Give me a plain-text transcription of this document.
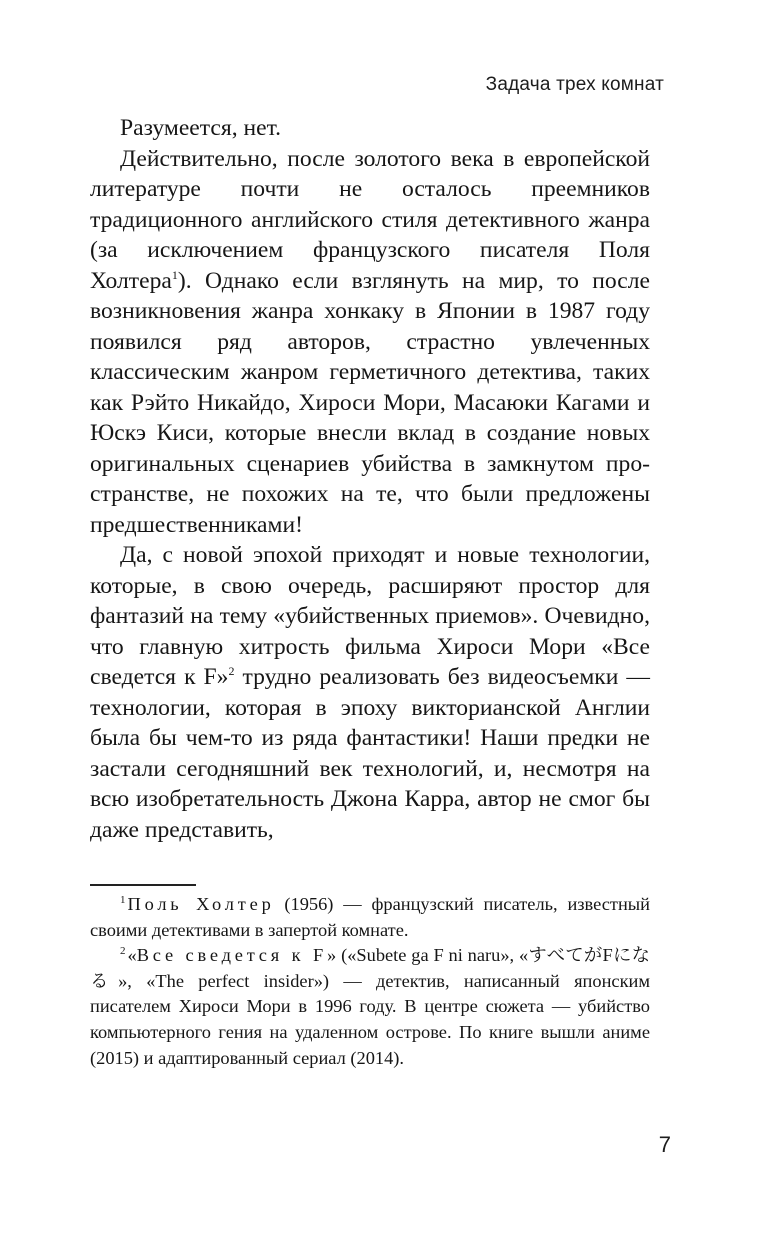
Задача трех комнат

Разумеется, нет.

Действительно, после золотого века в европейской литературе почти не осталось преемников традиционного английского стиля детективного жанра (за исключением французского писателя Поля Холтера$^1$). Однако если взглянуть на мир, то после возникновения жанра хонкаку в Японии в 1987 году появился ряд авторов, страстно увлеченных классическим жанром герметичного детектива, таких как Рэйто Никайдо, Хироси Мори, Масаюки Кагами и Юскэ Киси, которые внесли вклад в создание новых оригинальных сценариев убийства в замкнутом пространстве, не похожих на те, что были предложены предшественниками!

Да, с новой эпохой приходят и новые технологии, которые, в свою очередь, расширяют простор для фантазий на тему «убийственных приемов». Очевидно, что главную хитрость фильма Хироси Мори «Все сведется к F»$^2$ трудно реализовать без видеосъемки — технологии, которая в эпоху викторианской Англии была бы чем-то из ряда фантастики! Наши предки не застали сегодняшний век технологий, и, несмотря на всю изобретательность Джона Карра, автор не смог бы даже представить,

$^1$ Поль Холтер (1956) — французский писатель, известный своими детективами в запертой комнате.

$^2$ «Все сведется к F» («Subete ga F ni naru», «すべてがFになる», «The perfect insider») — детектив, написанный японским писателем Хироси Мори в 1996 году. В центре сюжета — убийство компьютерного гения на удаленном острове. По книге вышли аниме (2015) и адаптированный сериал (2014).

7
